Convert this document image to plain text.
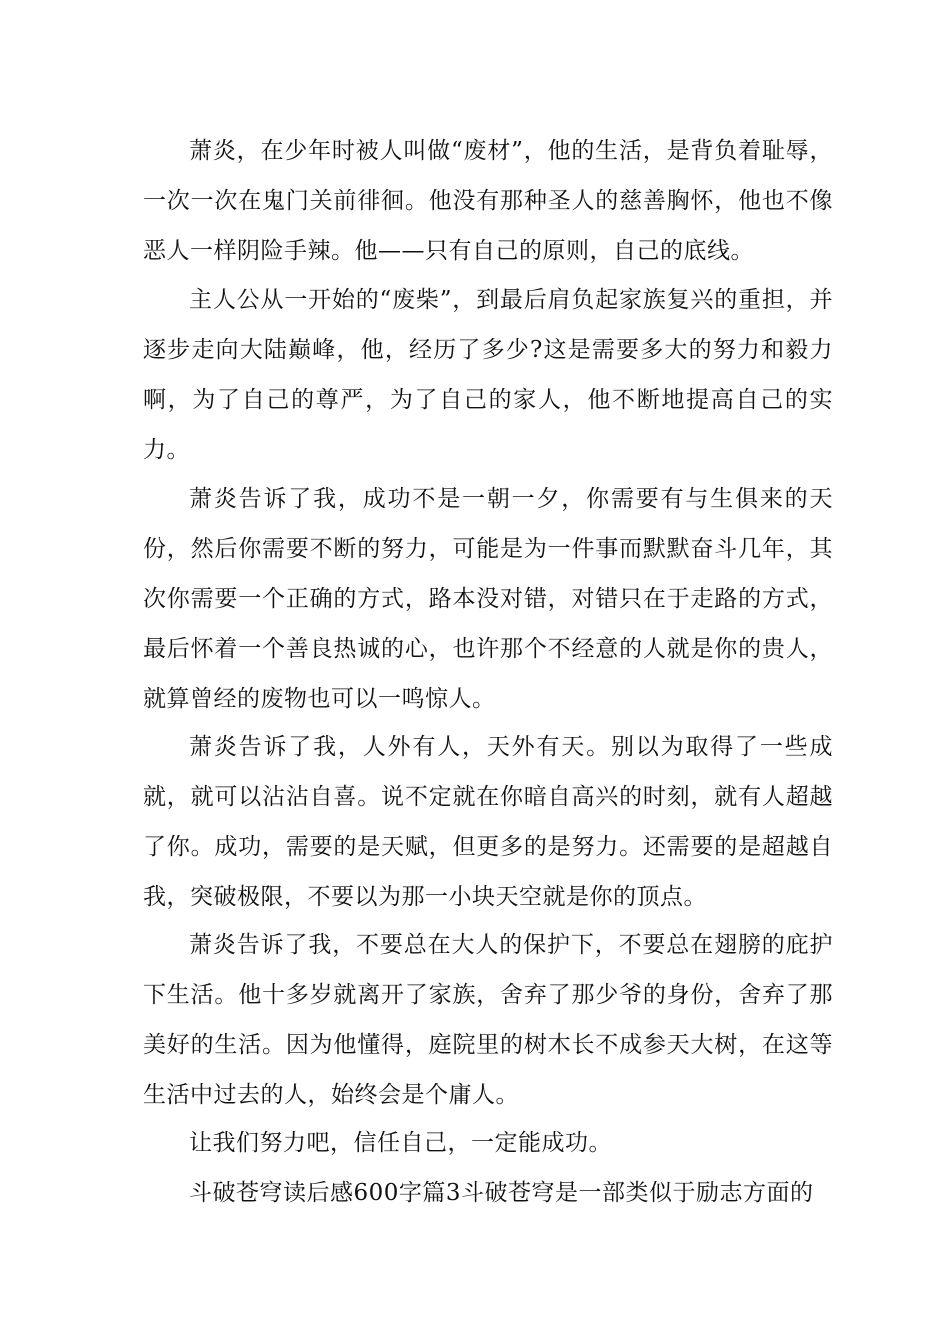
萧炎，在少年时被人叫做“废材”，他的生活，是背负着耻辱，一次一次在鬼门关前徘徊。他没有那种圣人的慈善胸怀，他也不像恶人一样阴险手辣。他——只有自己的原则，自己的底线。

主人公从一开始的“废柴”，到最后肩负起家族复兴的重担，并逐步走向大陆巅峰，他，经历了多少?这是需要多大的努力和毅力啊，为了自己的尊严，为了自己的家人，他不断地提高自己的实力。

萧炎告诉了我，成功不是一朝一夕，你需要有与生俱来的天份，然后你需要不断的努力，可能是为一件事而默默奋斗几年，其次你需要一个正确的方式，路本没对错，对错只在于走路的方式，最后怀着一个善良热诚的心，也许那个不经意的人就是你的贵人，就算曾经的废物也可以一鸣惊人。

萧炎告诉了我，人外有人，天外有天。别以为取得了一些成就，就可以沾沾自喜。说不定就在你暗自高兴的时刻，就有人超越了你。成功，需要的是天赋，但更多的是努力。还需要的是超越自我，突破极限，不要以为那一小块天空就是你的顶点。

萧炎告诉了我，不要总在大人的保护下，不要总在翅膀的庇护下生活。他十多岁就离开了家族，舍弃了那少爷的身份，舍弃了那美好的生活。因为他懂得，庭院里的树木长不成参天大树，在这等生活中过去的人，始终会是个庸人。

让我们努力吧，信任自己，一定能成功。

斗破苍穹读后感600字篇3斗破苍穹是一部类似于励志方面的
